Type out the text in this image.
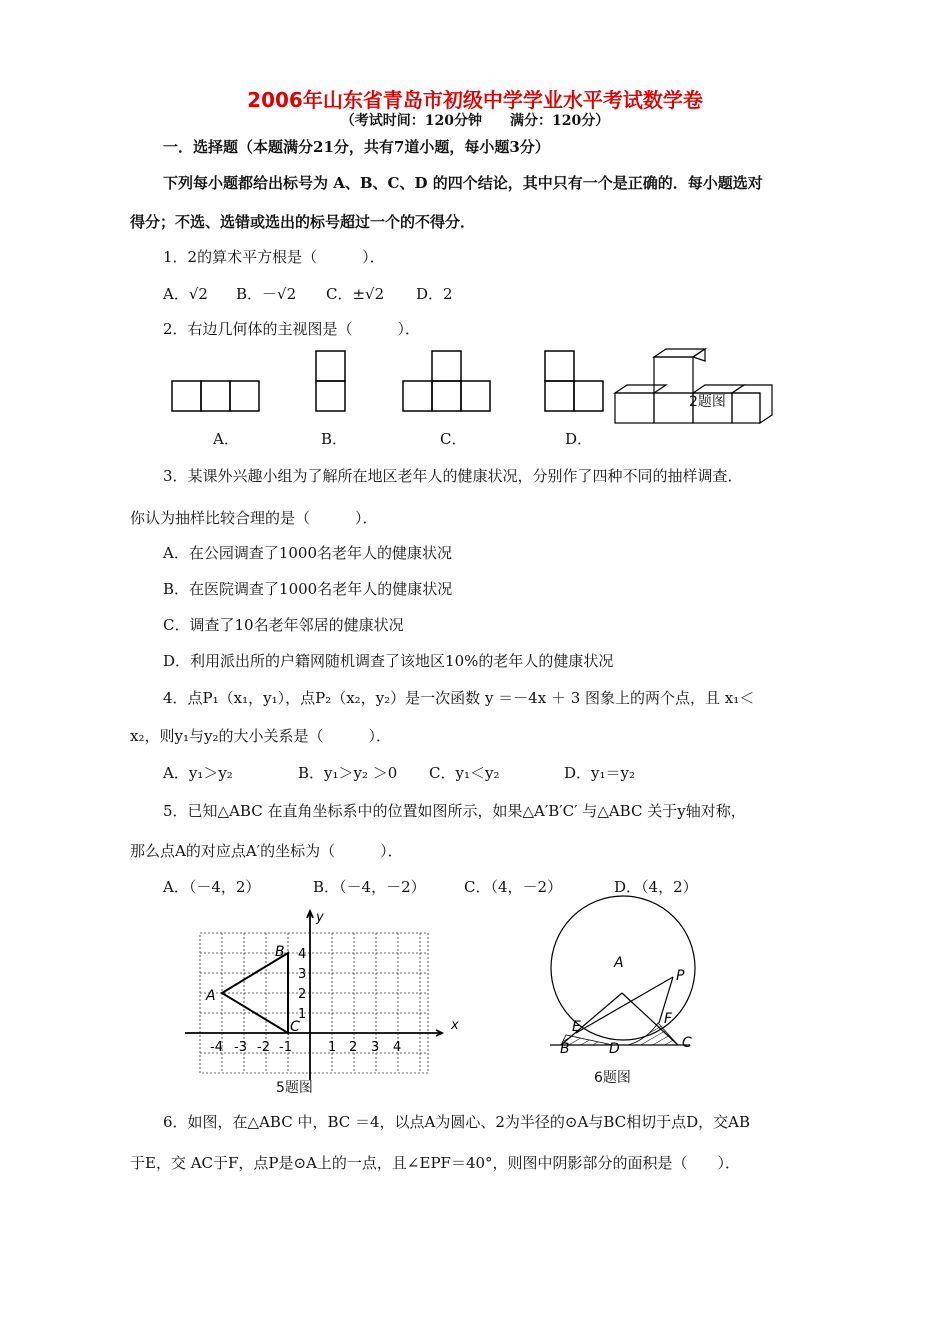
2006年山东省青岛市初级中学学业水平考试数学卷
（考试时间：120分钟　　满分：120分）
一．选择题（本题满分21分，共有7道小题，每小题3分）
下列每小题都给出标号为 A、B、C、D 的四个结论，其中只有一个是正确的．每小题选对
得分；不选、选错或选出的标号超过一个的不得分．
1．2的算术平方根是（　　　）．
A．√2 B．－√2 C．±√2 D．2
2．右边几何体的主视图是（　　　）．
2题图
A．	B．	C．	D．
3．某课外兴趣小组为了解所在地区老年人的健康状况，分别作了四种不同的抽样调查．
你认为抽样比较合理的是（　　　）．
A．在公园调查了1000名老年人的健康状况
B．在医院调查了1000名老年人的健康状况
C．调查了10名老年邻居的健康状况
D．利用派出所的户籍网随机调查了该地区10%的老年人的健康状况
4．点P₁（x₁，y₁），点P₂（x₂，y₂）是一次函数 y ＝－4x ＋ 3 图象上的两个点，且 x₁＜
x₂，则y₁与y₂的大小关系是（　　　）．
A．y₁＞y₂	B．y₁＞y₂ ＞0 C．y₁＜y₂	D．y₁＝y₂
5．已知△ABC 在直角坐标系中的位置如图所示，如果△A′B′C′ 与△ABC 关于y轴对称，
那么点A的对应点A′的坐标为（　　　）．
A．（－4，2）	B．（－4，－2）	C．（4，－2）	D．（4，2）
y
x
A
B
C
-4 -3 -2 -1	1 2 3 4
4
3
2
1
5题图
A
P
E	F
B	D	C
6题图
6．如图，在△ABC 中，BC ＝4，以点A为圆心、2为半径的⊙A与BC相切于点D，交AB
于E，交 AC于F，点P是⊙A上的一点，且∠EPF＝40°，则图中阴影部分的面积是（　　）．
